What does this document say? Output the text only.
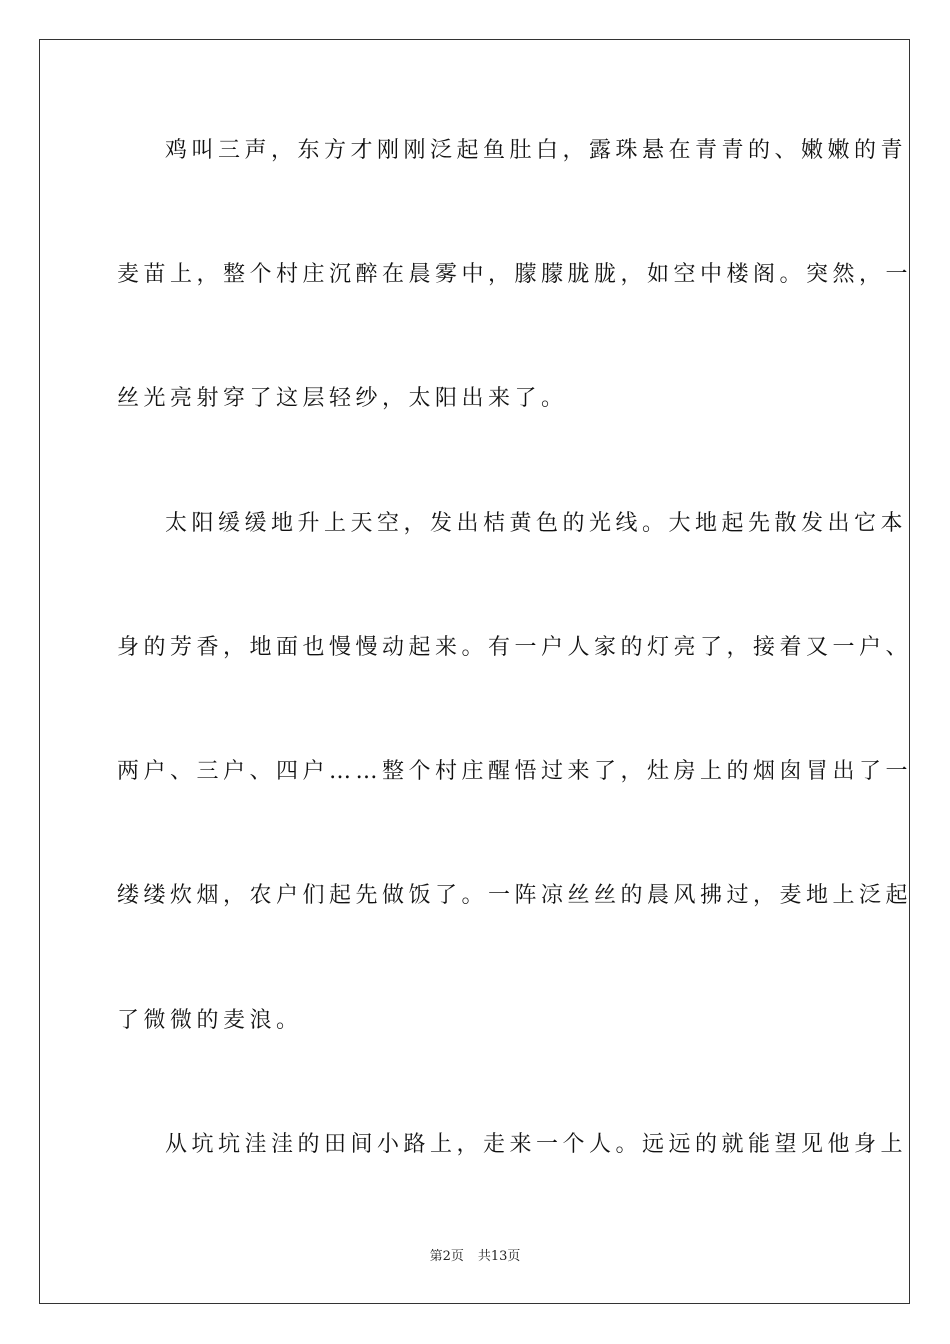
鸡叫三声，东方才刚刚泛起鱼肚白，露珠悬在青青的、嫩嫩的青
麦苗上，整个村庄沉醉在晨雾中，朦朦胧胧，如空中楼阁。突然，一
丝光亮射穿了这层轻纱，太阳出来了。
太阳缓缓地升上天空，发出桔黄色的光线。大地起先散发出它本
身的芳香，地面也慢慢动起来。有一户人家的灯亮了，接着又一户、
两户、三户、四户……整个村庄醒悟过来了，灶房上的烟囱冒出了一
缕缕炊烟，农户们起先做饭了。一阵凉丝丝的晨风拂过，麦地上泛起
了微微的麦浪。
从坑坑洼洼的田间小路上，走来一个人。远远的就能望见他身上
第2页 共13页
